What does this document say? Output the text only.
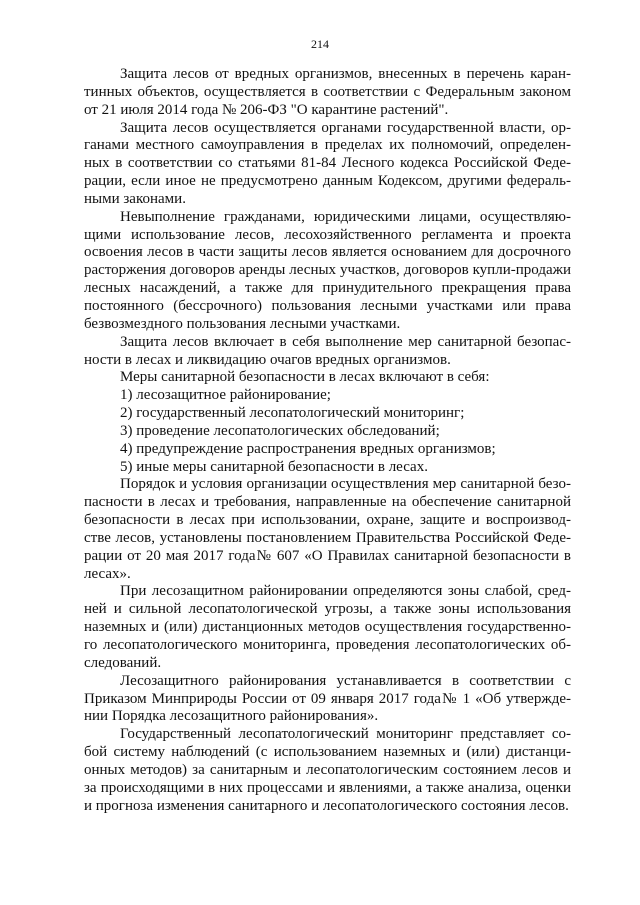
214

Защита лесов от вредных организмов, внесенных в перечень карантинных объектов, осуществляется в соответствии с Федеральным законом от 21 июля 2014 года № 206-ФЗ "О карантине растений".

Защита лесов осуществляется органами государственной власти, органами местного самоуправления в пределах их полномочий, определенных в соответствии со статьями 81-84 Лесного кодекса Российской Федерации, если иное не предусмотрено данным Кодексом, другими федеральными законами.

Невыполнение гражданами, юридическими лицами, осуществляющими использование лесов, лесохозяйственного регламента и проекта освоения лесов в части защиты лесов является основанием для досрочного расторжения договоров аренды лесных участков, договоров купли-продажи лесных насаждений, а также для принудительного прекращения права постоянного (бессрочного) пользования лесными участками или права безвозмездного пользования лесными участками.

Защита лесов включает в себя выполнение мер санитарной безопасности в лесах и ликвидацию очагов вредных организмов.

Меры санитарной безопасности в лесах включают в себя:

1) лесозащитное районирование;

2) государственный лесопатологический мониторинг;

3) проведение лесопатологических обследований;

4) предупреждение распространения вредных организмов;

5) иные меры санитарной безопасности в лесах.

Порядок и условия организации осуществления мер санитарной безопасности в лесах и требования, направленные на обеспечение санитарной безопасности в лесах при использовании, охране, защите и воспроизводстве лесов, установлены постановлением Правительства Российской Федерации от 20 мая 2017 года№ 607 «О Правилах санитарной безопасности в лесах».

При лесозащитном районировании определяются зоны слабой, средней и сильной лесопатологической угрозы, а также зоны использования наземных и (или) дистанционных методов осуществления государственного лесопатологического мониторинга, проведения лесопатологических обследований.

Лесозащитного районирования устанавливается в соответствии с Приказом Минприроды России от 09 января 2017 года№ 1 «Об утверждении Порядка лесозащитного районирования».

Государственный лесопатологический мониторинг представляет собой систему наблюдений (с использованием наземных и (или) дистанционных методов) за санитарным и лесопатологическим состоянием лесов и за происходящими в них процессами и явлениями, а также анализа, оценки и прогноза изменения санитарного и лесопатологического состояния лесов.
